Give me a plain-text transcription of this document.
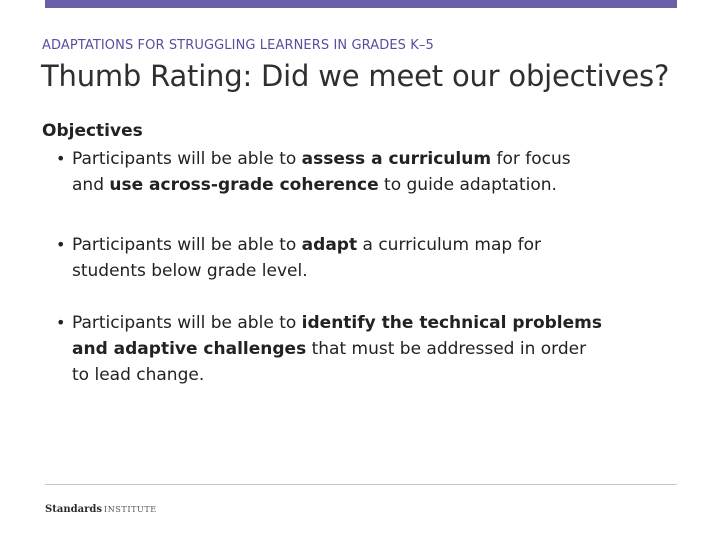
ADAPTATIONS FOR STRUGGLING LEARNERS IN GRADES K–5
Thumb Rating: Did we meet our objectives?
Objectives
• Participants will be able to assess a curriculum for focus and use across-grade coherence to guide adaptation.
• Participants will be able to adapt a curriculum map for students below grade level.
• Participants will be able to identify the technical problems and adaptive challenges that must be addressed in order to lead change.
Standards INSTITUTE
